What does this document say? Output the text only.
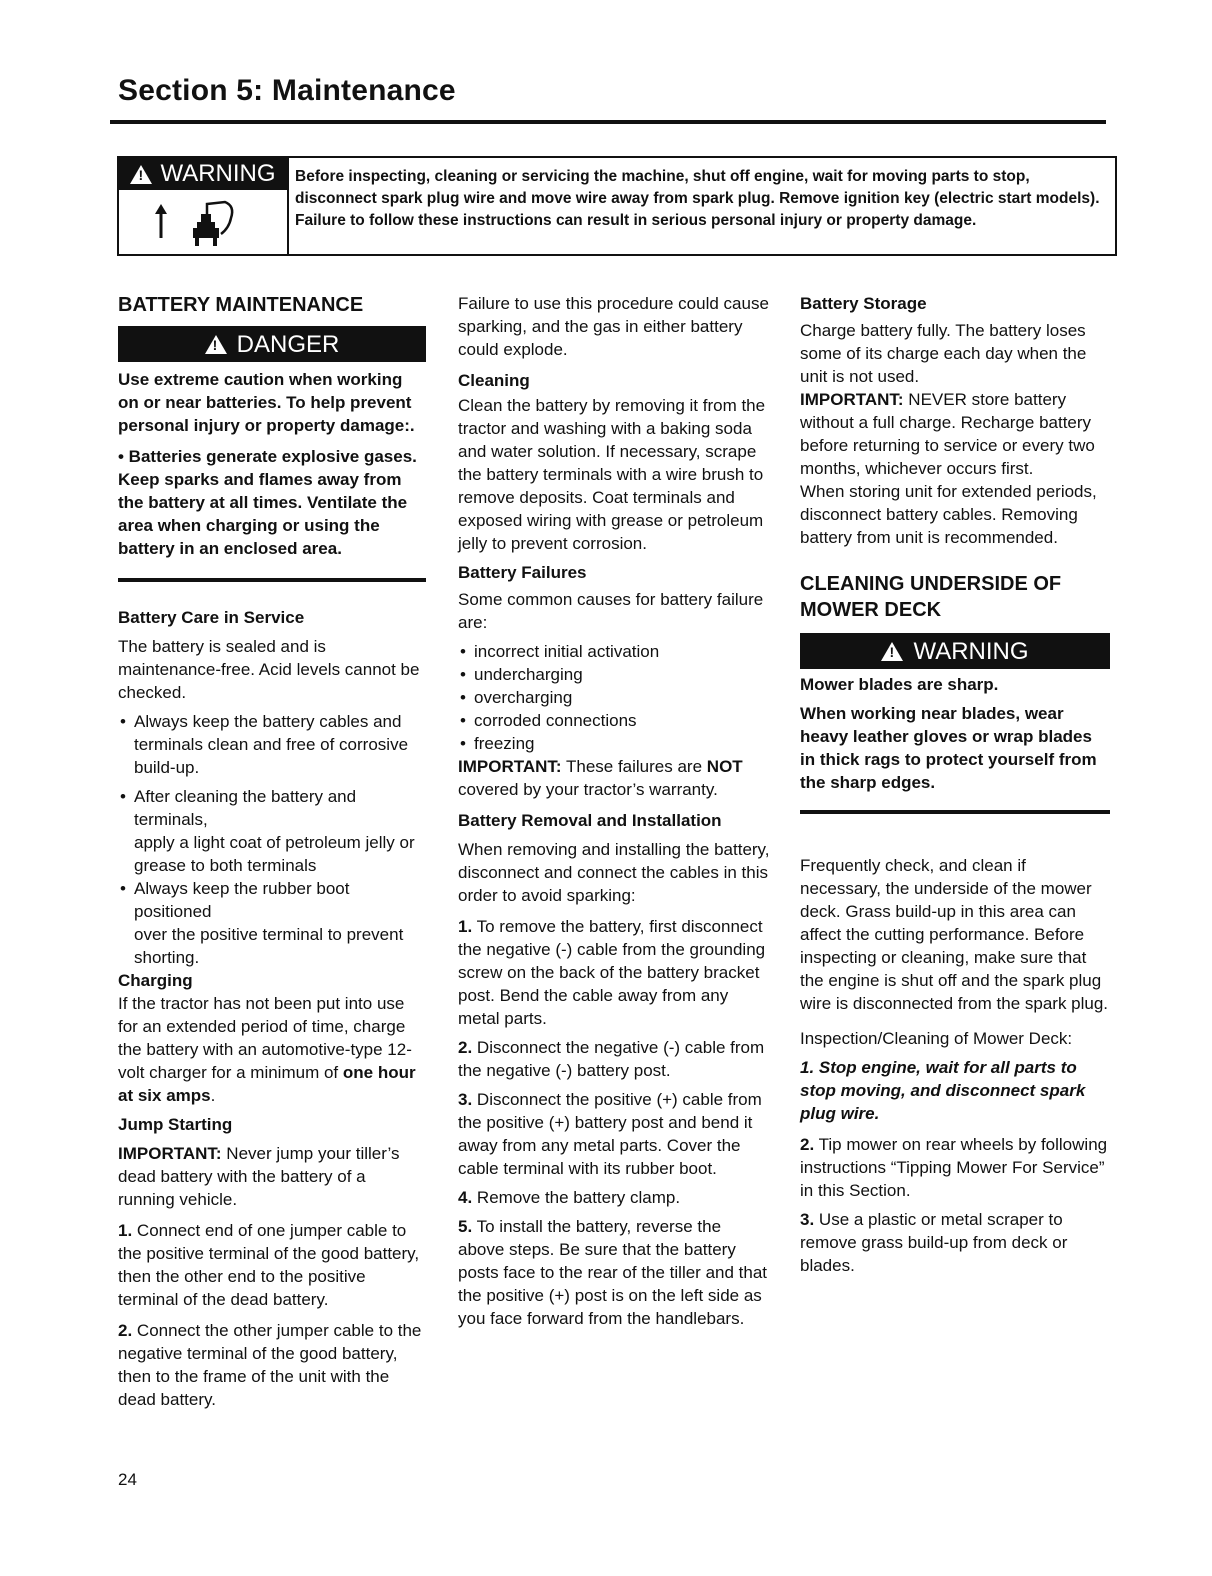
Section 5: Maintenance
!
WARNING Before inspecting, cleaning or servicing the machine, shut off engine, wait for moving parts to stop, disconnect spark plug wire and move wire away from spark plug. Remove ignition key (electric start models).

Failure to follow these instructions can result in serious personal injury or property damage.

BATTERY MAINTENANCE

!
DANGER

Use extreme caution when working on or near batteries. To help prevent personal injury or property damage:.

• Batteries generate explosive gases. Keep sparks and flames away from the battery at all times. Ventilate the area when charging or using the battery in an enclosed area.

Battery Care in Service

The battery is sealed and is maintenance-free. Acid levels cannot be checked.

• Always keep the battery cables and terminals clean and free of corrosive build-up.
• After cleaning the battery and terminals,

apply a light coat of petroleum jelly or grease to both terminals

• Always keep the rubber boot positioned

over the positive terminal to prevent shorting.

Charging

If the tractor has not been put into use for an extended period of time, charge the battery with an automotive-type 12-volt charger for a minimum of one hour at six amps.

Jump Starting

IMPORTANT: Never jump your tiller’s dead battery with the battery of a running vehicle.

1. Connect end of one jumper cable to the positive terminal of the good battery, then the other end to the positive terminal of the dead battery.

2. Connect the other jumper cable to the negative terminal of the good battery, then to the frame of the unit with the dead battery.

Failure to use this procedure could cause sparking, and the gas in either battery could explode.

Cleaning

Clean the battery by removing it from the tractor and washing with a baking soda and water solution. If necessary, scrape the battery terminals with a wire brush to remove deposits. Coat terminals and exposed wiring with grease or petroleum jelly to prevent corrosion.

Battery Failures

Some common causes for battery failure are:

• incorrect initial activation
• undercharging
• overcharging
• corroded connections
• freezing

IMPORTANT: These failures are NOT covered by your tractor’s warranty.

Battery Removal and Installation

When removing and installing the battery, disconnect and connect the cables in this order to avoid sparking:

1. To remove the battery, first disconnect the negative (-) cable from the grounding screw on the back of the battery bracket post. Bend the cable away from any metal parts.

2. Disconnect the negative (-) cable from the negative (-) battery post.

3. Disconnect the positive (+) cable from the positive (+) battery post and bend it away from any metal parts. Cover the cable terminal with its rubber boot.

4. Remove the battery clamp.

5. To install the battery, reverse the above steps. Be sure that the battery posts face to the rear of the tiller and that the positive (+) post is on the left side as you face forward from the handlebars.

Battery Storage

Charge battery fully. The battery loses some of its charge each day when the unit is not used.

IMPORTANT: NEVER store battery without a full charge. Recharge battery before returning to service or every two months, whichever occurs first.

When storing unit for extended periods, disconnect battery cables. Removing battery from unit is recommended.

CLEANING UNDERSIDE OF MOWER DECK

!
WARNING

Mower blades are sharp.

When working near blades, wear heavy leather gloves or wrap blades in thick rags to protect yourself from the sharp edges.

Frequently check, and clean if necessary, the underside of the mower deck. Grass build-up in this area can affect the cutting performance. Before inspecting or cleaning, make sure that the engine is shut off and the spark plug wire is disconnected from the spark plug.

Inspection/Cleaning of Mower Deck:

1. Stop engine, wait for all parts to stop moving, and disconnect spark plug wire.

2. Tip mower on rear wheels by following instructions “Tipping Mower For Service” in this Section.

3. Use a plastic or metal scraper to remove grass build-up from deck or blades.

24
